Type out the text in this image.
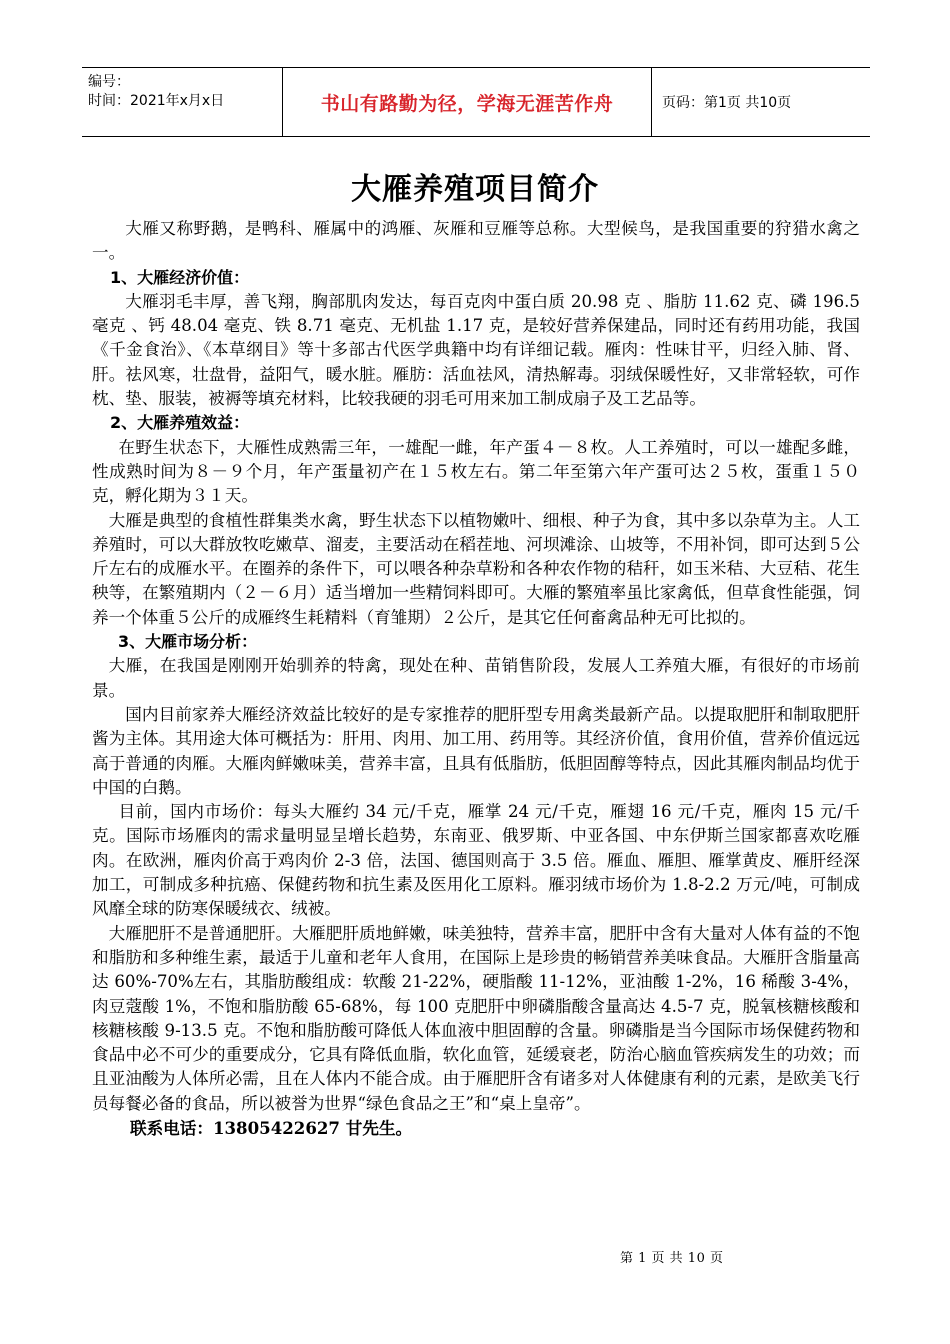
编号：
时间：2021年x月x日	书山有路勤为径，学海无涯苦作舟	页码：第1页 共10页
大雁养殖项目简介

大雁又称野鹅，是鸭科、雁属中的鸿雁、灰雁和豆雁等总称。大型候鸟，是我国重要的狩猎水禽之一。

1、大雁经济价值：

大雁羽毛丰厚，善飞翔，胸部肌肉发达，每百克肉中蛋白质 20.98 克 、脂肪 11.62 克、磷 196.5 毫克 、钙 48.04 毫克、铁 8.71 毫克、无机盐 1.17 克，是较好营养保建品，同时还有药用功能，我国《千金食治》、《本草纲目》等十多部古代医学典籍中均有详细记载。雁肉：性味甘平，归经入肺、肾、肝。祛风寒，壮盘骨，益阳气，暖水脏。雁肪：活血祛风，清热解毒。羽绒保暖性好，又非常轻软，可作枕、垫、服装，被褥等填充材料，比较我硬的羽毛可用来加工制成扇子及工艺品等。

2、大雁养殖效益：

在野生状态下，大雁性成熟需三年，一雄配一雌，年产蛋４－８枚。人工养殖时，可以一雄配多雌，性成熟时间为８－９个月，年产蛋量初产在１５枚左右。第二年至第六年产蛋可达２５枚，蛋重１５０克，孵化期为３１天。

大雁是典型的食植性群集类水禽，野生状态下以植物嫩叶、细根、种子为食，其中多以杂草为主。人工养殖时，可以大群放牧吃嫩草、溜麦，主要活动在稻茬地、河坝滩涂、山坡等，不用补饲，即可达到５公斤左右的成雁水平。在圈养的条件下，可以喂各种杂草粉和各种农作物的秸秆，如玉米秸、大豆秸、花生秧等，在繁殖期内（２－６月）适当增加一些精饲料即可。大雁的繁殖率虽比家禽低，但草食性能强，饲养一个体重５公斤的成雁终生耗精料（育雏期）２公斤，是其它任何畜禽品种无可比拟的。

3、大雁市场分析：

大雁，在我国是刚刚开始驯养的特禽，现处在种、苗销售阶段，发展人工养殖大雁，有很好的市场前景。

国内目前家养大雁经济效益比较好的是专家推荐的肥肝型专用禽类最新产品。以提取肥肝和制取肥肝酱为主体。其用途大体可概括为：肝用、肉用、加工用、药用等。其经济价值，食用价值，营养价值远远高于普通的肉雁。大雁肉鲜嫩味美，营养丰富，且具有低脂肪，低胆固醇等特点，因此其雁肉制品均优于中国的白鹅。

目前，国内市场价：每头大雁约 34 元/千克，雁掌 24 元/千克，雁翅 16 元/千克，雁肉 15 元/千克。国际市场雁肉的需求量明显呈增长趋势，东南亚、俄罗斯、中亚各国、中东伊斯兰国家都喜欢吃雁肉。在欧洲，雁肉价高于鸡肉价 2-3 倍，法国、德国则高于 3.5 倍。雁血、雁胆、雁掌黄皮、雁肝经深加工，可制成多种抗癌、保健药物和抗生素及医用化工原料。雁羽绒市场价为 1.8-2.2 万元/吨，可制成风靡全球的防寒保暖绒衣、绒被。

大雁肥肝不是普通肥肝。大雁肥肝质地鲜嫩，味美独特，营养丰富，肥肝中含有大量对人体有益的不饱和脂肪和多种维生素，最适于儿童和老年人食用，在国际上是珍贵的畅销营养美味食品。大雁肝含脂量高达 60%-70%左右，其脂肪酸组成：软酸 21-22%，硬脂酸 11-12%，亚油酸 1-2%，16 稀酸 3-4%，肉豆蔻酸 1%，不饱和脂肪酸 65-68%，每 100 克肥肝中卵磷脂酸含量高达 4.5-7 克，脱氧核糖核酸和核糖核酸 9-13.5 克。不饱和脂肪酸可降低人体血液中胆固醇的含量。卵磷脂是当今国际市场保健药物和食品中必不可少的重要成分，它具有降低血脂，软化血管，延缓衰老，防治心脑血管疾病发生的功效；而且亚油酸为人体所必需，且在人体内不能合成。由于雁肥肝含有诸多对人体健康有利的元素，是欧美飞行 员每餐必备的食品，所以被誉为世界“绿色食品之王”和“桌上皇帝”。

联系电话：13805422627 甘先生。

第 1 页 共 10 页
